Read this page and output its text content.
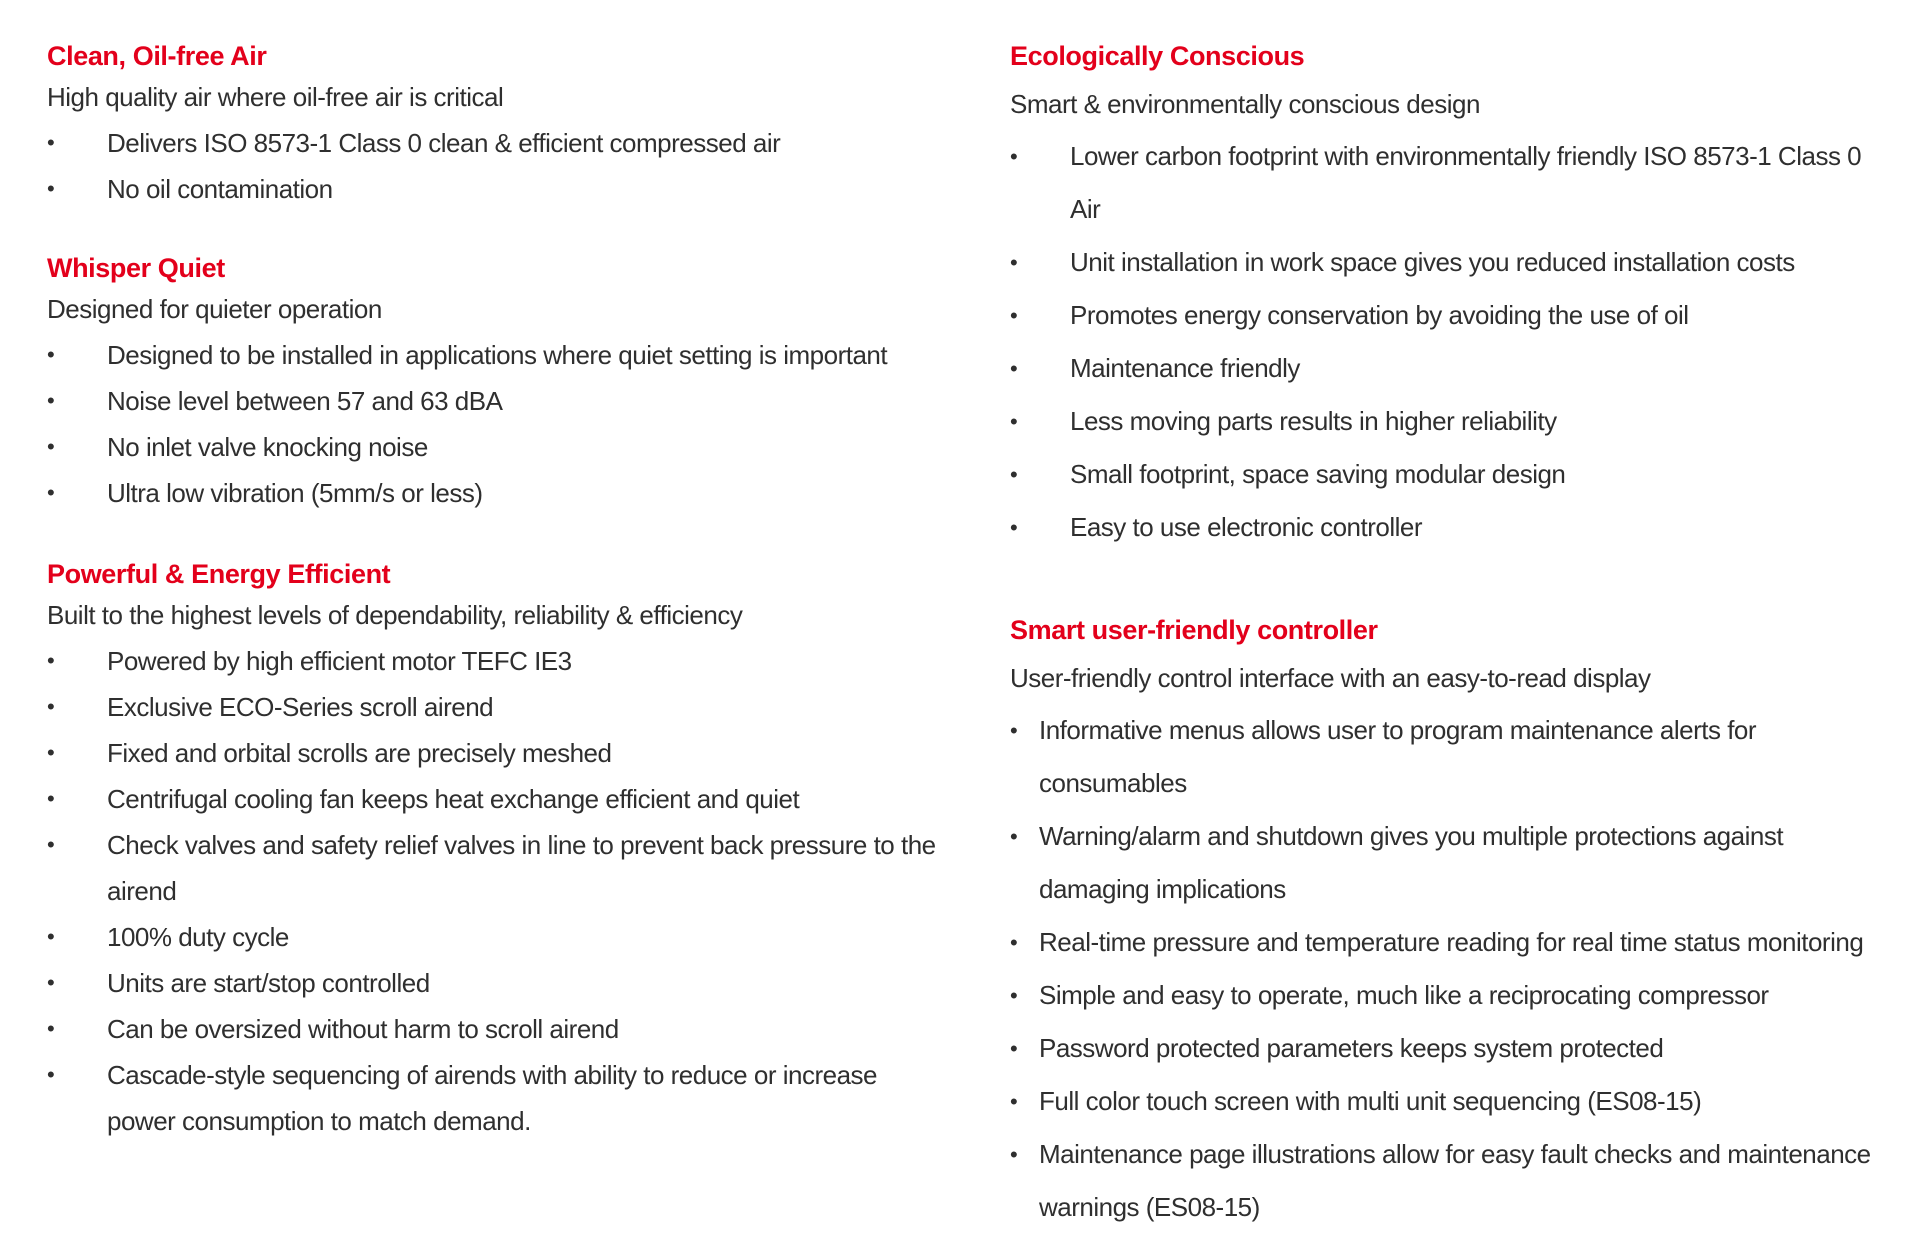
Clean, Oil-free Air

High quality air where oil-free air is critical

• Delivers ISO 8573-1 Class 0 clean & efficient compressed air
• No oil contamination
Whisper Quiet

Designed for quieter operation

• Designed to be installed in applications where quiet setting is important
• Noise level between 57 and 63 dBA
• No inlet valve knocking noise
• Ultra low vibration (5mm/s or less)
Powerful & Energy Efficient

Built to the highest levels of dependability, reliability & efficiency

• Powered by high efficient motor TEFC IE3
• Exclusive ECO-Series scroll airend
• Fixed and orbital scrolls are precisely meshed
• Centrifugal cooling fan keeps heat exchange efficient and quiet
• Check valves and safety relief valves in line to prevent back pressure to the airend
• 100% duty cycle
• Units are start/stop controlled
• Can be oversized without harm to scroll airend
• Cascade-style sequencing of airends with ability to reduce or increase power consumption to match demand.
Ecologically Conscious

Smart & environmentally conscious design

• Lower carbon footprint with environmentally friendly ISO 8573-1 Class 0 Air
• Unit installation in work space gives you reduced installation costs
• Promotes energy conservation by avoiding the use of oil
• Maintenance friendly
• Less moving parts results in higher reliability
• Small footprint, space saving modular design
• Easy to use electronic controller
Smart user-friendly controller

User-friendly control interface with an easy-to-read display

• Informative menus allows user to program maintenance alerts for consumables
• Warning/alarm and shutdown gives you multiple protections against damaging implications
• Real-time pressure and temperature reading for real time status monitoring
• Simple and easy to operate, much like a reciprocating compressor
• Password protected parameters keeps system protected
• Full color touch screen with multi unit sequencing (ES08-15)
• Maintenance page illustrations allow for easy fault checks and maintenance warnings (ES08-15)
